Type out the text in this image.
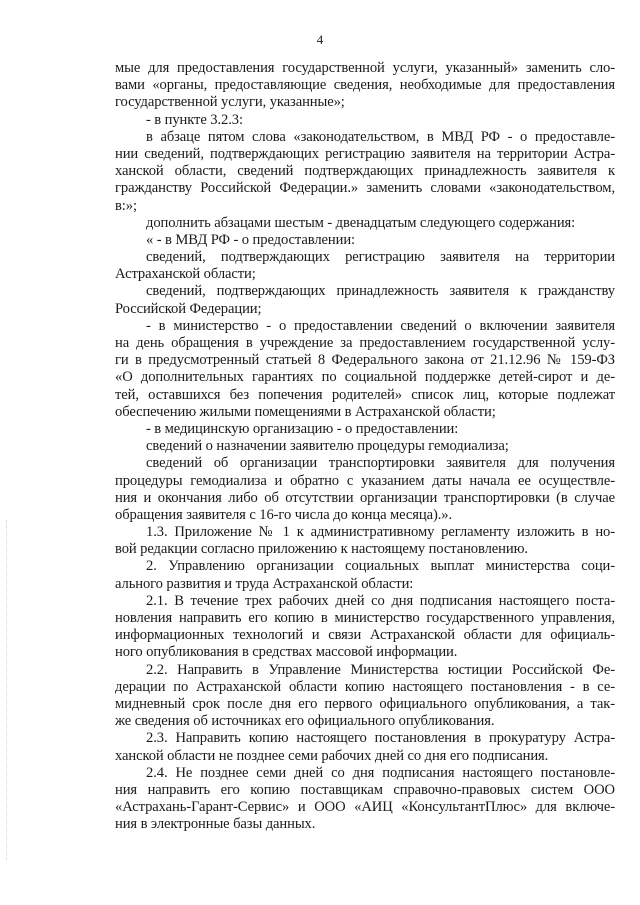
4
мые для предоставления государственной услуги, указанный» заменить сло-
вами «органы, предоставляющие сведения, необходимые для предоставления
государственной услуги, указанные»;
- в пункте 3.2.3:
в абзаце пятом слова «законодательством, в МВД РФ - о предоставле-
нии сведений, подтверждающих регистрацию заявителя на территории Астра-
ханской области, сведений подтверждающих принадлежность заявителя к
гражданству Российской Федерации.» заменить словами «законодательством,
в:»;
дополнить абзацами шестым - двенадцатым следующего содержания:
« - в МВД РФ - о предоставлении:
сведений, подтверждающих регистрацию заявителя на территории
Астраханской области;
сведений, подтверждающих принадлежность заявителя к гражданству
Российской Федерации;
- в министерство - о предоставлении сведений о включении заявителя
на день обращения в учреждение за предоставлением государственной услу-
ги в предусмотренный статьей 8 Федерального закона от 21.12.96 № 159-ФЗ
«О дополнительных гарантиях по социальной поддержке детей-сирот и де-
тей, оставшихся без попечения родителей» список лиц, которые подлежат
обеспечению жилыми помещениями в Астраханской области;
- в медицинскую организацию - о предоставлении:
сведений о назначении заявителю процедуры гемодиализа;
сведений об организации транспортировки заявителя для получения
процедуры гемодиализа и обратно с указанием даты начала ее осуществле-
ния и окончания либо об отсутствии организации транспортировки (в случае
обращения заявителя с 16-го числа до конца месяца).».
1.3. Приложение № 1 к административному регламенту изложить в но-
вой редакции согласно приложению к настоящему постановлению.
2. Управлению организации социальных выплат министерства соци-
ального развития и труда Астраханской области:
2.1. В течение трех рабочих дней со дня подписания настоящего поста-
новления направить его копию в министерство государственного управления,
информационных технологий и связи Астраханской области для официаль-
ного опубликования в средствах массовой информации.
2.2. Направить в Управление Министерства юстиции Российской Фе-
дерации по Астраханской области копию настоящего постановления - в се-
мидневный срок после дня его первого официального опубликования, а так-
же сведения об источниках его официального опубликования.
2.3. Направить копию настоящего постановления в прокуратуру Астра-
ханской области не позднее семи рабочих дней со дня его подписания.
2.4. Не позднее семи дней со дня подписания настоящего постановле-
ния направить его копию поставщикам справочно-правовых систем ООО
«Астрахань-Гарант-Сервис» и ООО «АИЦ «КонсультантПлюс» для включе-
ния в электронные базы данных.
